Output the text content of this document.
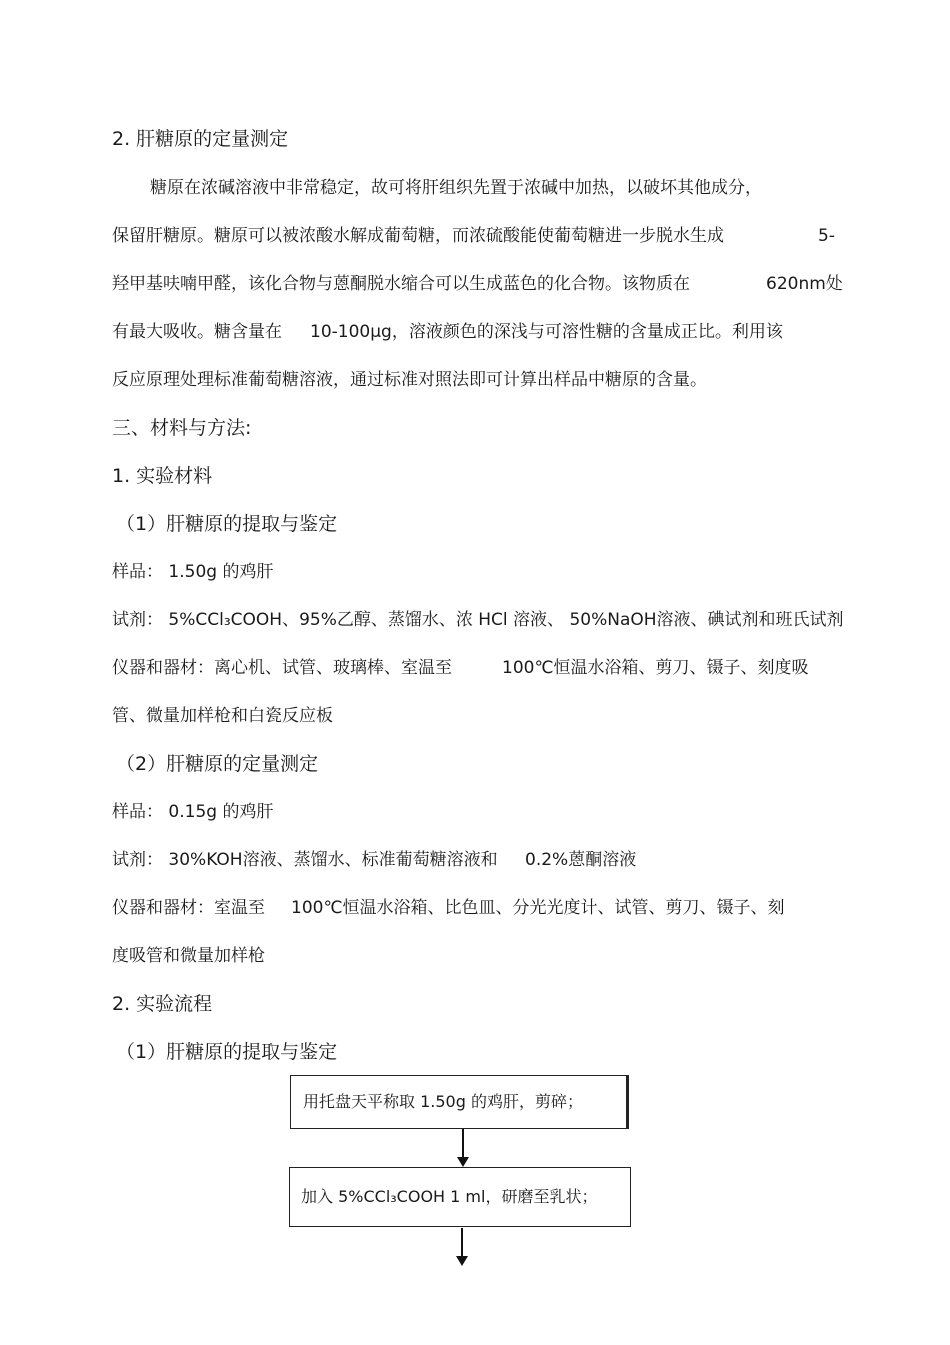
2. 肝糖原的定量测定
糖原在浓碱溶液中非常稳定，故可将肝组织先置于浓碱中加热，以破坏其他成分，
保留肝糖原。糖原可以被浓酸水解成葡萄糖，而浓硫酸能使葡萄糖进一步脱水生成	5-
羟甲基呋喃甲醛，该化合物与蒽酮脱水缩合可以生成蓝色的化合物。该物质在	620nm处
有最大吸收。糖含量在 10-100μg，溶液颜色的深浅与可溶性糖的含量成正比。利用该
反应原理处理标准葡萄糖溶液，通过标准对照法即可计算出样品中糖原的含量。
三、材料与方法:
1. 实验材料
（1）肝糖原的提取与鉴定
样品： 1.50g 的鸡肝
试剂： 5%CCl₃COOH、95%乙醇、蒸馏水、浓 HCl 溶液、 50%NaOH溶液、碘试剂和班氏试剂
仪器和器材：离心机、试管、玻璃棒、室温至	100℃恒温水浴箱、剪刀、镊子、刻度吸
管、微量加样枪和白瓷反应板
（2）肝糖原的定量测定
样品： 0.15g 的鸡肝
试剂： 30%KOH溶液、蒸馏水、标准葡萄糖溶液和 0.2%蒽酮溶液
仪器和器材：室温至 100℃恒温水浴箱、比色皿、分光光度计、试管、剪刀、镊子、刻
度吸管和微量加样枪
2. 实验流程
（1）肝糖原的提取与鉴定
用托盘天平称取 1.50g 的鸡肝，剪碎；
加入 5%CCl₃COOH 1 ml，研磨至乳状；
